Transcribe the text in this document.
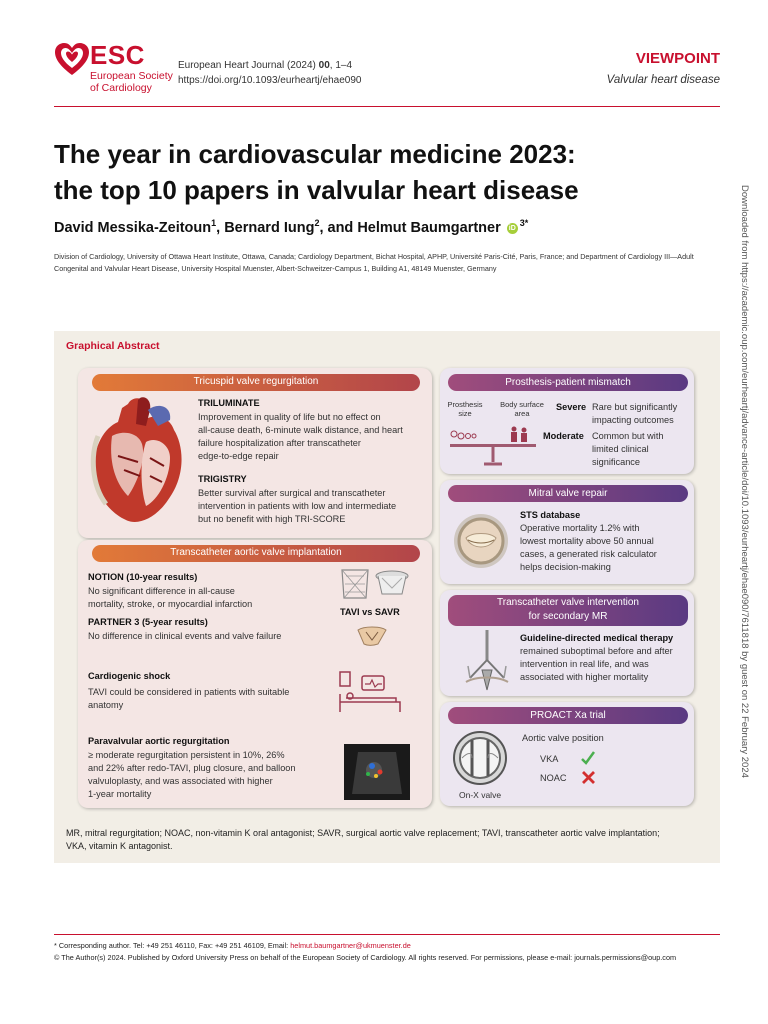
ESC
European Society
of Cardiology
European Heart Journal (2024) 00, 1–4
https://doi.org/10.1093/eurheartj/ehae090
VIEWPOINT
Valvular heart disease
The year in cardiovascular medicine 2023:
the top 10 papers in valvular heart disease
David Messika-Zeitoun$^1$, Bernard Iung$^2$, and Helmut Baumgartner iD $^{3*}$
Division of Cardiology, University of Ottawa Heart Institute, Ottawa, Canada; Cardiology Department, Bichat Hospital, APHP, Université Paris-Cité, Paris, France; and Department of Cardiology III—Adult Congenital and Valvular Heart Disease, University Hospital Muenster, Albert-Schweitzer-Campus 1, Building A1, 48149 Muenster, Germany	Downloaded from https://academic.oup.com/eurheartj/advance-article/doi/10.1093/eurheartj/ehae090/7611818 by guest on 22 February 2024
Graphical Abstract
Tricuspid valve regurgitation
TRILUMINATE
Improvement in quality of life but no effect on
all-cause death, 6-minute walk distance, and heart
failure hospitalization after transcatheter
edge-to-edge repair
TRIGISTRY
Better survival after surgical and transcatheter
intervention in patients with low and intermediate
but no benefit with high TRI-SCORE
Transcatheter aortic valve implantation
NOTION (10-year results)
No significant difference in all-cause
mortality, stroke, or myocardial infarction
TAVI vs SAVR
PARTNER 3 (5-year results)
No difference in clinical events and valve failure
Cardiogenic shock
TAVI could be considered in patients with suitable
anatomy
Paravalvular aortic regurgitation
≥ moderate regurgitation persistent in 10%, 26%
and 22% after redo-TAVI, plug closure, and balloon
valvuloplasty, and was associated with higher
1-year mortality
Prosthesis-patient mismatch
Prosthesis
size
Body surface
area
Severe Rare but significantly
impacting outcomes
Moderate Common but with
limited clinical
significance
Mitral valve repair
STS database
Operative mortality 1.2% with
lowest mortality above 50 annual
cases, a generated risk calculator
helps decision-making
Transcatheter valve intervention
for secondary MR
Guideline-directed medical therapy
remained suboptimal before and after
intervention in real life, and was
associated with higher mortality
PROACT Xa trial
On-X valve
Aortic valve position
VKA
NOAC
MR, mitral regurgitation; NOAC, non-vitamin K oral antagonist; SAVR, surgical aortic valve replacement; TAVI, transcatheter aortic valve implantation;
VKA, vitamin K antagonist.
* Corresponding author. Tel: +49 251 46110, Fax: +49 251 46109, Email: helmut.baumgartner@ukmuenster.de
© The Author(s) 2024. Published by Oxford University Press on behalf of the European Society of Cardiology. All rights reserved. For permissions, please e-mail: journals.permissions@oup.com
